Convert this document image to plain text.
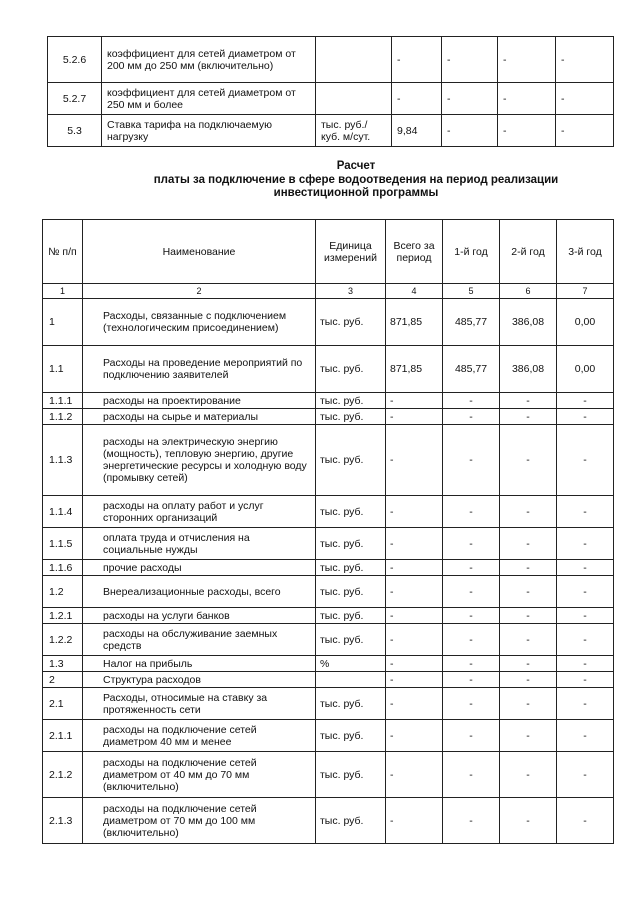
5.2.6	коэффициент для сетей диаметром от 200 мм до 250 мм (включительно)		-	-	-	-
5.2.7	коэффициент для сетей диаметром от 250 мм и более		-	-	-	-
5.3	Ставка тарифа на подключаемую нагрузку	тыс. руб./ куб. м/сут.	9,84	-	-	-
Расчет
платы за подключение в сфере водоотведения на период реализации
инвестиционной программы
№ п/п	Наименование	Единица измерений	Всего за период	1-й год	2-й год	3-й год
1	2	3	4	5	6	7
1	Расходы, связанные с подключением (технологическим присоединением)	тыс. руб.	871,85	485,77	386,08	0,00
1.1	Расходы на проведение мероприятий по подключению заявителей	тыс. руб.	871,85	485,77	386,08	0,00
1.1.1	расходы на проектирование	тыс. руб.	-	-	-	-
1.1.2	расходы на сырье и материалы	тыс. руб.	-	-	-	-
1.1.3	расходы на электрическую энергию (мощность), тепловую энергию, другие энергетические ресурсы и холодную воду (промывку сетей)	тыс. руб.	-	-	-	-
1.1.4	расходы на оплату работ и услуг сторонних организаций	тыс. руб.	-	-	-	-
1.1.5	оплата труда и отчисления на социальные нужды	тыс. руб.	-	-	-	-
1.1.6	прочие расходы	тыс. руб.	-	-	-	-
1.2	Внереализационные расходы, всего	тыс. руб.	-	-	-	-
1.2.1	расходы на услуги банков	тыс. руб.	-	-	-	-
1.2.2	расходы на обслуживание заемных средств	тыс. руб.	-	-	-	-
1.3	Налог на прибыль	%	-	-	-	-
2	Структура расходов		-	-	-	-
2.1	Расходы, относимые на ставку за протяженность сети	тыс. руб.	-	-	-	-
2.1.1	расходы на подключение сетей диаметром 40 мм и менее	тыс. руб.	-	-	-	-
2.1.2	расходы на подключение сетей диаметром от 40 мм до 70 мм (включительно)	тыс. руб.	-	-	-	-
2.1.3	расходы на подключение сетей диаметром от 70 мм до 100 мм (включительно)	тыс. руб.	-	-	-	-
